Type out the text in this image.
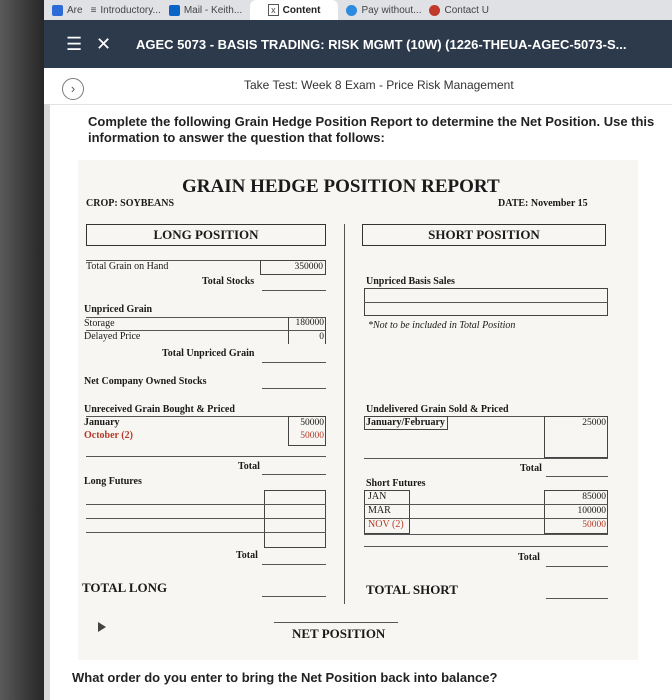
Are ≡ Introductory... Mail - Keith...	x Content	Pay without... Contact U
☰ ✕ AGEC 5073 - BASIS TRADING: RISK MGMT (10W) (1226-THEUA-AGEC-5073-S...
›	Take Test: Week 8 Exam - Price Risk Management
Complete the following Grain Hedge Position Report to determine the Net Position. Use this information to answer the question that follows:
GRAIN HEDGE POSITION REPORT
CROP: SOYBEANS	DATE: November 15
LONG POSITION	SHORT POSITION
Total Grain on Hand	350000
Total Stocks
Unpriced Grain
Storage	180000
Delayed Price	0
Total Unpriced Grain
Net Company Owned Stocks
Unreceived Grain Bought & Priced
January	50000
October (2)	50000
Total
Long Futures
Total
TOTAL LONG
Unpriced Basis Sales
*Not to be included in Total Position
Undelivered Grain Sold & Priced
January/February	25000
Total
Short Futures
JAN	85000
MAR	100000
NOV (2)	50000
Total
TOTAL SHORT
NET POSITION
What order do you enter to bring the Net Position back into balance?
